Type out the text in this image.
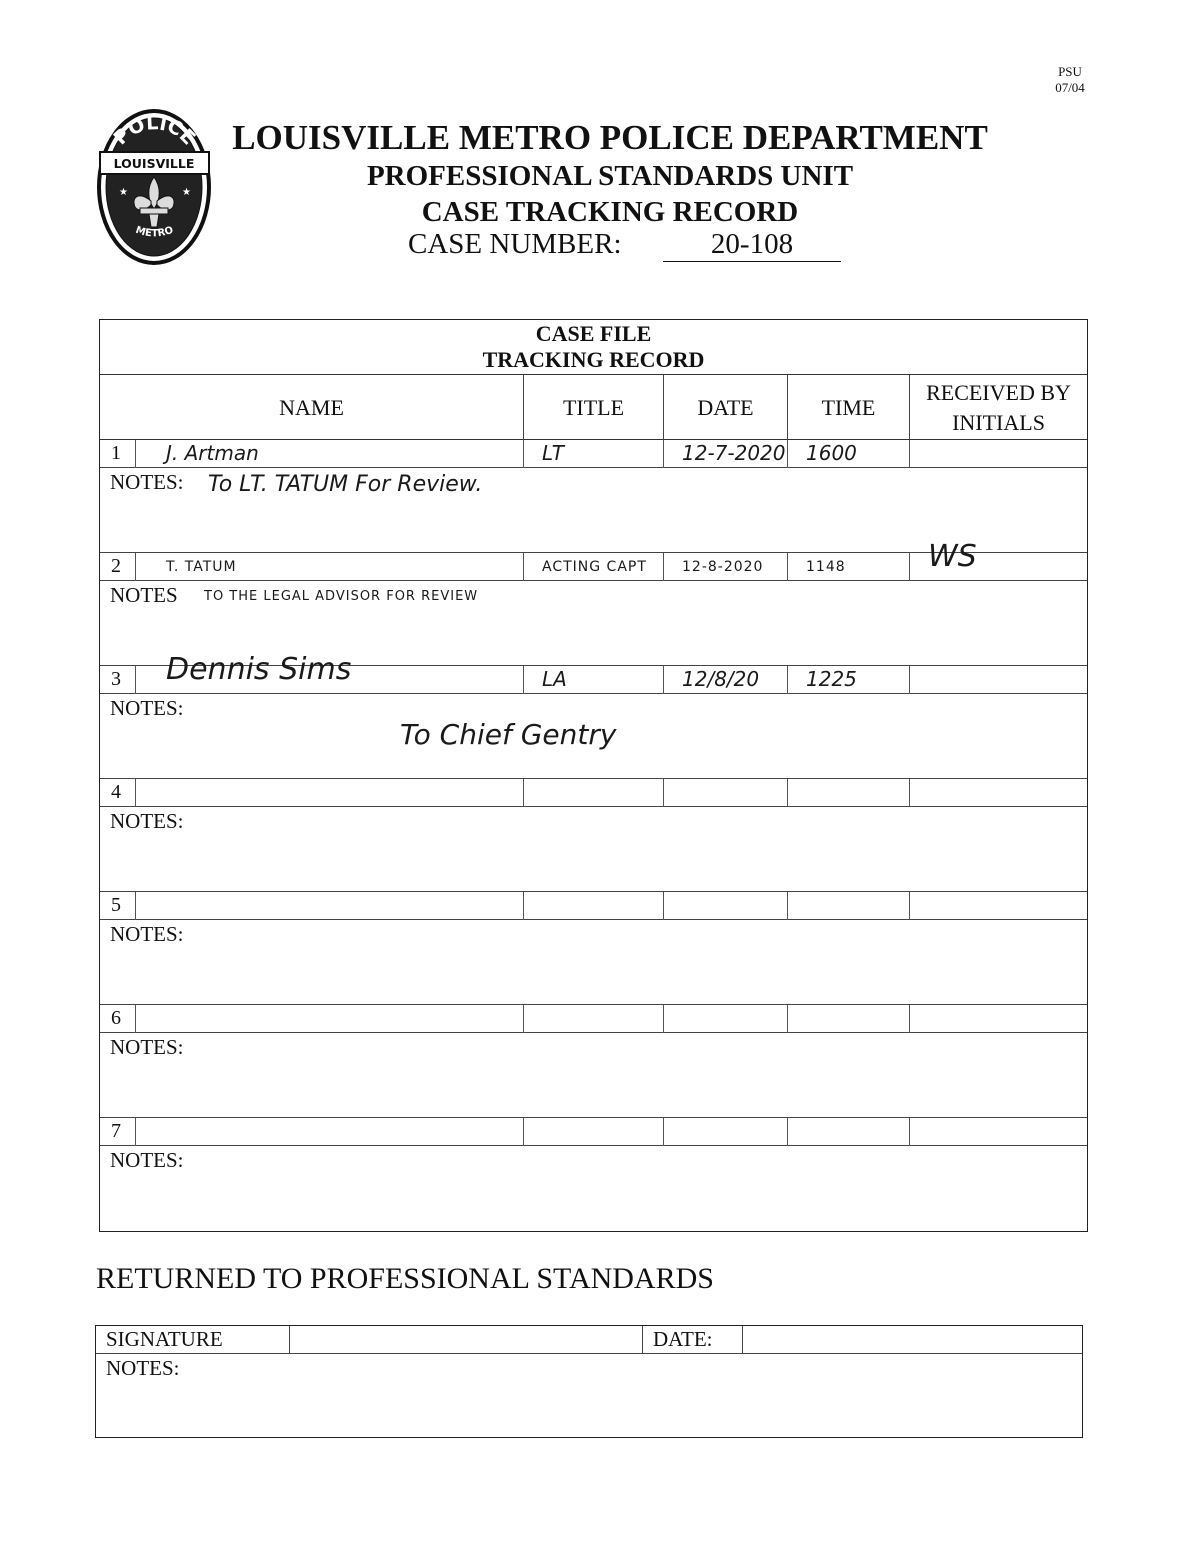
PSU
07/04
POLICE
LOUISVILLE
★	★
METRO
LOUISVILLE METRO POLICE DEPARTMENT
PROFESSIONAL STANDARDS UNIT
CASE TRACKING RECORD
CASE NUMBER:	20-108
CASE FILE
TRACKING RECORD
NAME	TITLE	DATE	TIME
RECEIVED BY
INITIALS
1 J. Artman	LT	12-7-2020 1600
NOTES: To LT. TATUM For Review.
2	T. TATUM	ACTING CAPT	12-8-2020	1148	WS
NOTES TO THE LEGAL ADVISOR FOR REVIEW
3 Dennis Sims	LA	12/8/20 1225
NOTES:
To Chief Gentry
4
NOTES:
5
NOTES:
6
NOTES:
7
NOTES:
RETURNED TO PROFESSIONAL STANDARDS
SIGNATURE	DATE:
NOTES:
